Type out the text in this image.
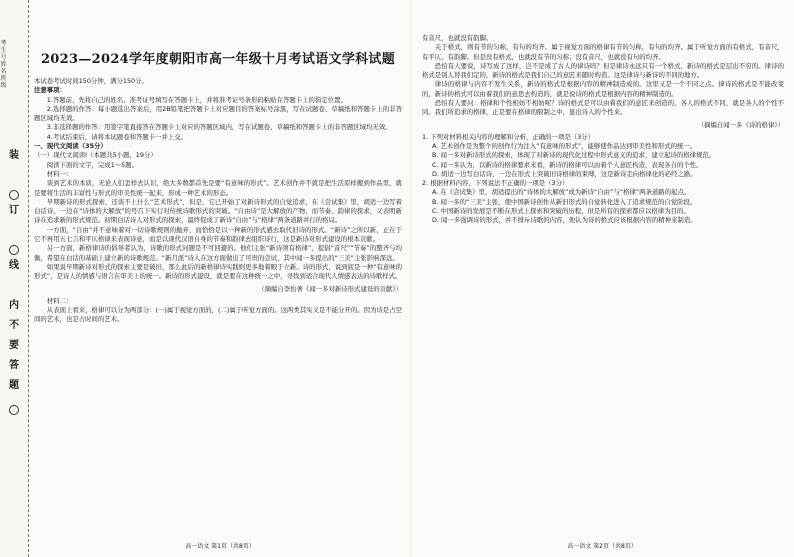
考生号 姓名 班级
装
订
线
内
不
要
答
题
2023—2024学年度朝阳市高一年级十月考试语文学科试题

本试卷考试时间150分钟，满分150分。

注意事项：

1.答题前，先将自己的姓名、准考证号填写在答题卡上，并将准考证号条形码粘贴在答题卡上的指定位置。

2.选择题的作答：每小题选出答案后，用2B铅笔把答题卡上对应题目的答案标号涂黑，写在试题卷、草稿纸和答题卡上的非答题区域均无效。

3.非选择题的作答：用签字笔直接答在答题卡上对应的答题区域内，写在试题卷、草稿纸和答题卡上的非答题区域均无效。

4.考试结束后，请将本试题卷和答题卡一并上交。

一、现代文阅读（35分）

（一）现代文阅读Ⅰ（本题共5小题，19分）

阅读下面的文字，完成1～5题。

材料一：

谈到艺术的本质，无论人们怎样去认识，绝大多数都首先是要“有意味的形式”。艺术创作并不就是把生活原样搬到作品里，就是要将生活的丰富性与形式的审美性统一起来，形成一种艺术的形态。

早期新诗的形式探索，还谈不上什么“艺术形式”，但是，它已开始了对新诗形式的自觉追求，在《尝试集》里，胡适一边写着白话诗，一边在“诗体的大解放”的号召下实行对传统诗歌形式的突破。“自由诗”是大解放的产物，而节奏、韵律的探求，又表明新诗在追求新的形式规范。初期白话诗人对形式的探索，最终促成了新诗“自由”与“格律”两条道路并行的格局。

一方面，“自由”并不意味着对一切诗歌规则的抛弃，而恰恰是以一种新的形式感去取代旧诗的形式。“新诗”之所以新，正在于它不再用五七言和平仄格律来表现诗意，而是以现代汉语自身的节奏和韵律去组织诗行，这是新诗对形式建设的根本贡献。

另一方面，新格律诗的倡导者认为，诗歌的形式问题是不可回避的。他们主张“新诗须有格律”，提倡“音尺”“节奏”的整齐与均衡，希望在白话的基础上建立新的诗歌规范。“新月派”诗人在这方面做出了可贵的尝试，其中闻一多提出的“三美”主张影响深远。

如果说早期新诗对形式的探索主要是破旧，那么此后的新格律诗实践则更多地着眼于立新。诗的形式，说到底是一种“有意味的形式”，是诗人的情感与语言在审美上的统一。新诗的形式建设，就是要在这种统一之中，寻找到适合现代人情感表达的诗歌样式。

（摘编自李怡著《闻一多对新诗形式建设的贡献》）

材料二：

从表面上看来，格律可以分为两部分：(一)属于视觉方面的，(二)属于听觉方面的。这两类其实又是不能分开的。因为诗是占空间的艺术，也是占时间的艺术。

高一语文 第1页（共8页）

有音尺，也就没有韵脚。

关于格式，则有节的匀称，有句的均齐。属于视觉方面的格律有节的匀称，有句的均齐。属于听觉方面的有格式，有音尺，有平仄，有韵脚。但是没有格式，也就没有节的匀称；没有音尺，也就没有句的均齐。

恐怕有人要说，诗写成了这样，岂不是成了古人的律诗吗？但是律诗永远只有一个格式，新诗的格式是层出不穷的。律诗的格式是别人替我们定的，新诗的格式是我们自己的意匠来随时构造。这是律诗与新诗的不同的地方。

律诗的格律与内容不发生关系，新诗的格式是根据内容的精神制造成的。这里又是一个不同之点。律诗的格式是不能改变的，新诗的格式可以由着我们的意思去构造的，就是说诗的格式是根据内容的精神制造的。

恐怕有人要问：格律和个性相妨不相妨呢？诗的格式是可以由着我们的意匠来创造的，各人的格式不同，就是各人的个性不同。我们所追求的格律，正是要在格律的限制之中，显出诗人的个性来。

（摘编自闻一多《诗的格律》）

1. 下列对材料相关内容的理解和分析，正确的一项是（3分）

A. 艺术创作是为整个的创作行为注入“有意味的形式”，能够使作品达到审美性和形式的统一。

B. 闻一多对新诗形式的探索，体现了对新诗的现代化过程中形式意义的追求，建立起诗的格律规范。

C. 闻一多认为，以新诗的格律要求来看，新诗的格律可以由着个人意匠构造，表现各自的个性。

D. 胡适一边写白话诗，一边在形式上突破旧诗格律的束缚，这是新诗走向格律化的必经之路。

2. 根据材料内容，下列说法不正确的一项是（3分）

A. 在《尝试集》里，胡适提出的“诗体的大解放”成为新诗“自由”与“格律”两条道路的起点。

B. 闻一多的“三美”主张，使中国新诗创作从新旧形式的自觉转化进入了追求规范的自觉阶段。

C. 中国新诗的发展是不断在形式上探索和突破的历程，但是所有的探索都应以格律为目的。

D. 闻一多强调诗的形式，并不排斥诗歌的内容，他认为诗的格式应该根据内容的精神来制造。

高一语文 第2页（共8页）
